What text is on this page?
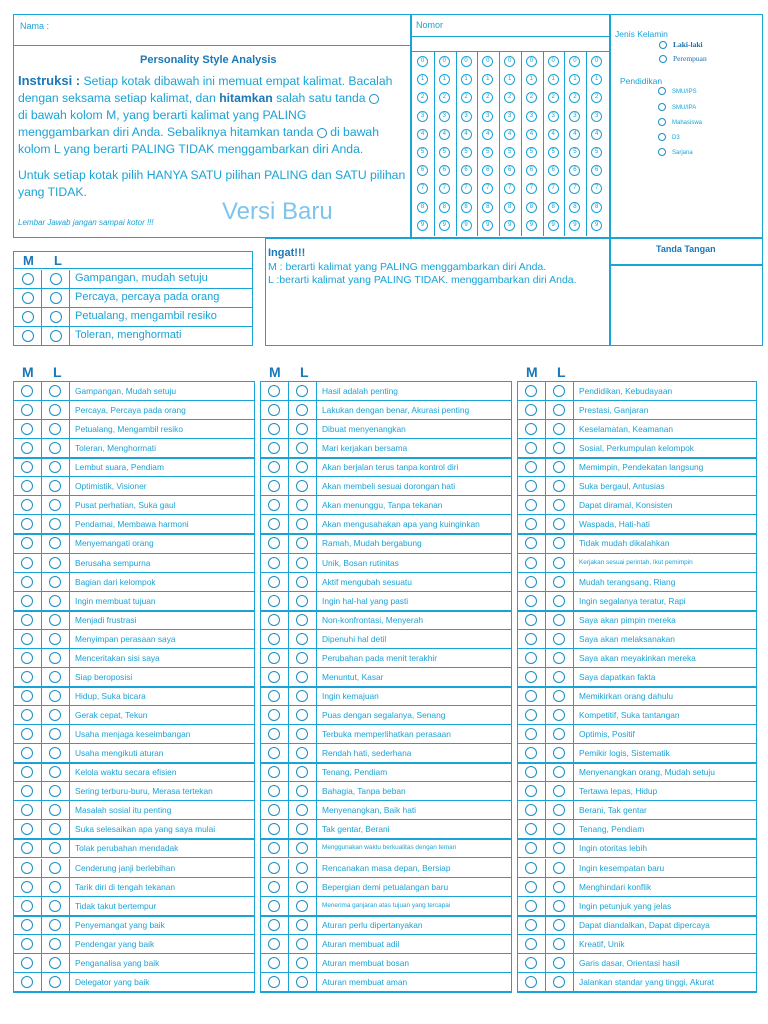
Nama :
Personality Style Analysis
Instruksi : Setiap kotak dibawah ini memuat empat kalimat. Bacalah
dengan seksama setiap kalimat, dan hitamkan salah satu tanda
di bawah kolom M, yang berarti kalimat yang PALING
menggambarkan diri Anda. Sebaliknya hitamkan tanda di bawah
kolom L yang berarti PALING TIDAK menggambarkan diri Anda.
Untuk setiap kotak pilih HANYA SATU pilihan PALING dan SATU pilihan
yang TIDAK.
Lembar Jawab jangan sampai kotor !!!	Versi Baru
Nomor
0
1
2
3
4
5
6
7
8
9
0
1
2
3
4
5
6
7
8
9
0
1
2
3
4
5
6
7
8
9
0
1
2
3
4
5
6
7
8
9
0
1
2
3
4
5
6
7
8
9
0
1
2
3
4
5
6
7
8
9
0
1
2
3
4
5
6
7
8
9
0
1
2
3
4
5
6
7
8
9
0
1
2
3
4
5
6
7
8
9
Jenis Kelamin
Laki-laki
Perempuan
Pendidikan
SMU/IPS
SMU/IPA
Mahasiswa
D3
Sarjana
Tanda Tangan
Ingat!!!
M : berarti kalimat yang PALING menggambarkan diri Anda.
L :berarti kalimat yang PALING TIDAK. menggambarkan diri Anda.
M L
Gampangan, mudah setuju
Percaya, percaya pada orang
Petualang, mengambil resiko
Toleran, menghormati
M L
Gampangan, Mudah setuju
Percaya, Percaya pada orang
Petualang, Mengambil resiko
Toleran, Menghormati
Lembut suara, Pendiam
Optimistik, Visioner
Pusat perhatian, Suka gaul
Pendamai, Membawa harmoni
Menyemangati orang
Berusaha sempurna
Bagian dari kelompok
Ingin membuat tujuan
Menjadi frustrasi
Menyimpan perasaan saya
Menceritakan sisi saya
Siap beroposisi
Hidup, Suka bicara
Gerak cepat, Tekun
Usaha menjaga keseimbangan
Usaha mengikuti aturan
Kelola waktu secara efisien
Sering terburu-buru, Merasa tertekan
Masalah sosial itu penting
Suka selesaikan apa yang saya mulai
Tolak perubahan mendadak
Cenderung janji berlebihan
Tarik diri di tengah tekanan
Tidak takut bertempur
Penyemangat yang baik
Pendengar yang baik
Penganalisa yang baik
Delegator yang baik
M L
Hasil adalah penting
Lakukan dengan benar, Akurasi penting
Dibuat menyenangkan
Mari kerjakan bersama
Akan berjalan terus tanpa kontrol diri
Akan membeli sesuai dorongan hati
Akan menunggu, Tanpa tekanan
Akan mengusahakan apa yang kuinginkan
Ramah, Mudah bergabung
Unik, Bosan rutinitas
Aktif mengubah sesuatu
Ingin hal-hal yang pasti
Non-konfrontasi, Menyerah
Dipenuhi hal detil
Perubahan pada menit terakhir
Menuntut, Kasar
Ingin kemajuan
Puas dengan segalanya, Senang
Terbuka memperlihatkan perasaan
Rendah hati, sederhana
Tenang, Pendiam
Bahagia, Tanpa beban
Menyenangkan, Baik hati
Tak gentar, Berani
Menggunakan waktu berkualitas dengan teman
Rencanakan masa depan, Bersiap
Bepergian demi petualangan baru
Menerima ganjaran atas tujuan yang tercapai
Aturan perlu dipertanyakan
Aturan membuat adil
Aturan membuat bosan
Aturan membuat aman
M L
Pendidikan, Kebudayaan
Prestasi, Ganjaran
Keselamatan, Keamanan
Sosial, Perkumpulan kelompok
Memimpin, Pendekatan langsung
Suka bergaul, Antusias
Dapat diramal, Konsisten
Waspada, Hati-hati
Tidak mudah dikalahkan
Kerjakan sesuai perintah, Ikut pemimpin
Mudah terangsang, Riang
Ingin segalanya teratur, Rapi
Saya akan pimpin mereka
Saya akan melaksanakan
Saya akan meyakinkan mereka
Saya dapatkan fakta
Memikirkan orang dahulu
Kompetitif, Suka tantangan
Optimis, Positif
Pemikir logis, Sistematik
Menyenangkan orang, Mudah setuju
Tertawa lepas, Hidup
Berani, Tak gentar
Tenang, Pendiam
Ingin otoritas lebih
Ingin kesempatan baru
Menghindari konflik
Ingin petunjuk yang jelas
Dapat diandalkan, Dapat dipercaya
Kreatif, Unik
Garis dasar, Orientasi hasil
Jalankan standar yang tinggi, Akurat
